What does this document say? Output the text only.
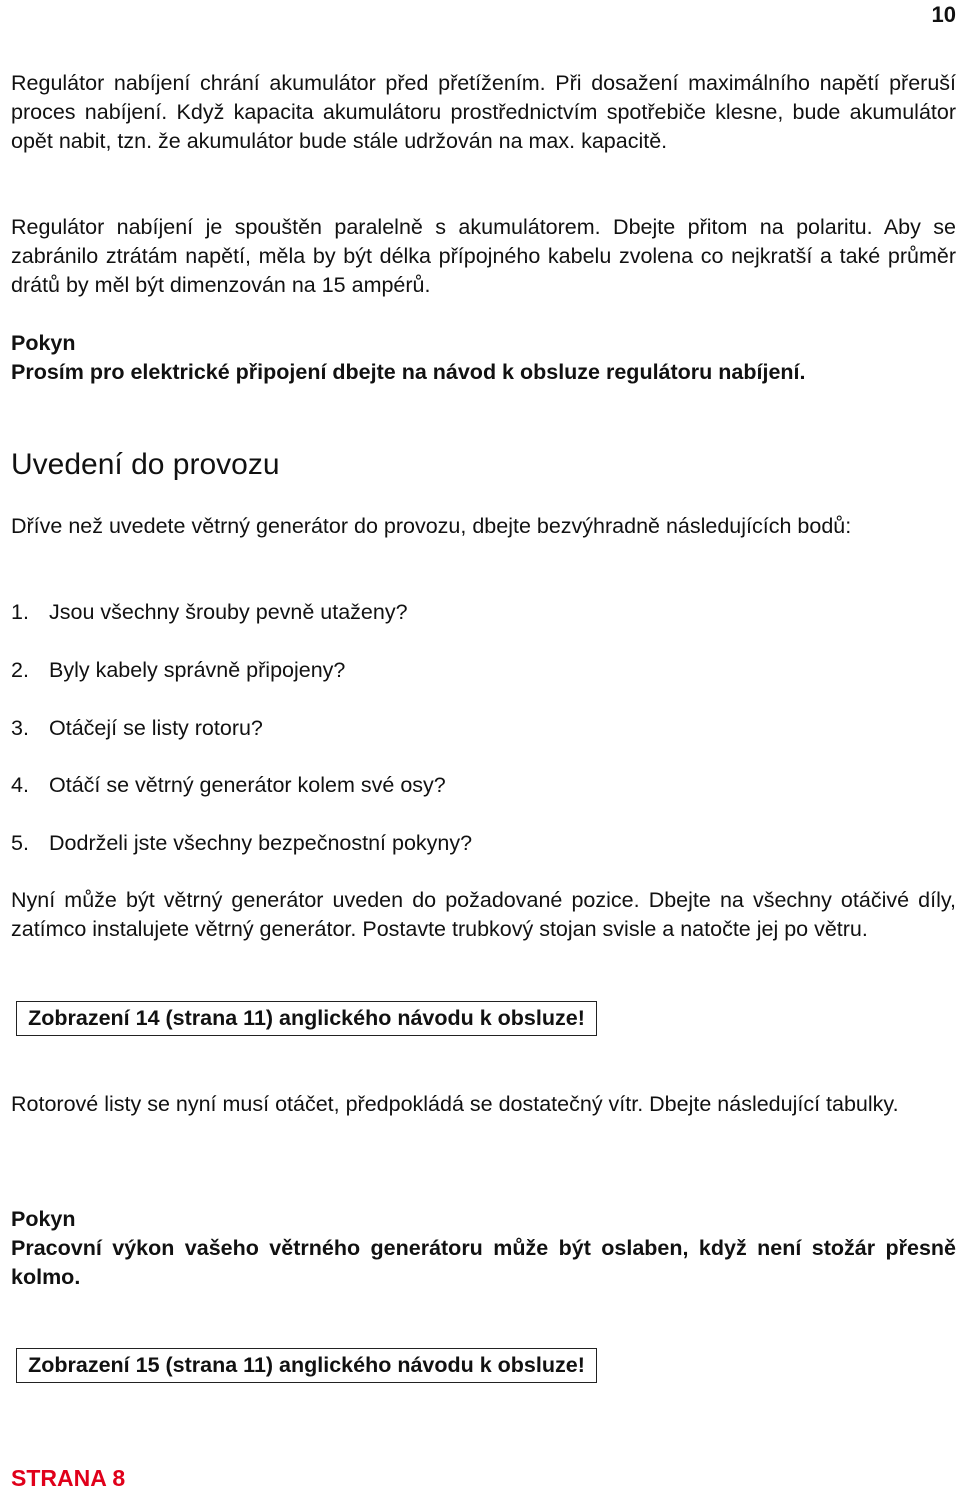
10

Regulátor nabíjení chrání akumulátor před přetížením. Při dosažení maximálního napětí přeruší proces nabíjení. Když kapacita akumulátoru prostřednictvím spotřebiče klesne, bude akumulátor opět nabit, tzn. že akumulátor bude stále udržován na max. kapacitě.

Regulátor nabíjení je spouštěn paralelně s akumulátorem. Dbejte přitom na polaritu. Aby se zabránilo ztrátám napětí, měla by být délka přípojného kabelu zvolena co nejkratší a také průměr drátů by měl být dimenzován na 15 ampérů.

Pokyn

Prosím pro elektrické připojení dbejte na návod k obsluze regulátoru nabíjení.

Uvedení do provozu

Dříve než uvedete větrný generátor do provozu, dbejte bezvýhradně následujících bodů:

1. Jsou všechny šrouby pevně utaženy?
2. Byly kabely správně připojeny?
3. Otáčejí se listy rotoru?
4. Otáčí se větrný generátor kolem své osy?
5. Dodrželi jste všechny bezpečnostní pokyny?

Nyní může být větrný generátor uveden do požadované pozice. Dbejte na všechny otáčivé díly, zatímco instalujete větrný generátor. Postavte trubkový stojan svisle a natočte jej po větru.

Zobrazení 14 (strana 11) anglického návodu k obsluze!

Rotorové listy se nyní musí otáčet, předpokládá se dostatečný vítr. Dbejte následující tabulky.

Pokyn

Pracovní výkon vašeho větrného generátoru může být oslaben, když není stožár přesně kolmo.

Zobrazení 15 (strana 11) anglického návodu k obsluze!
STRANA 8
